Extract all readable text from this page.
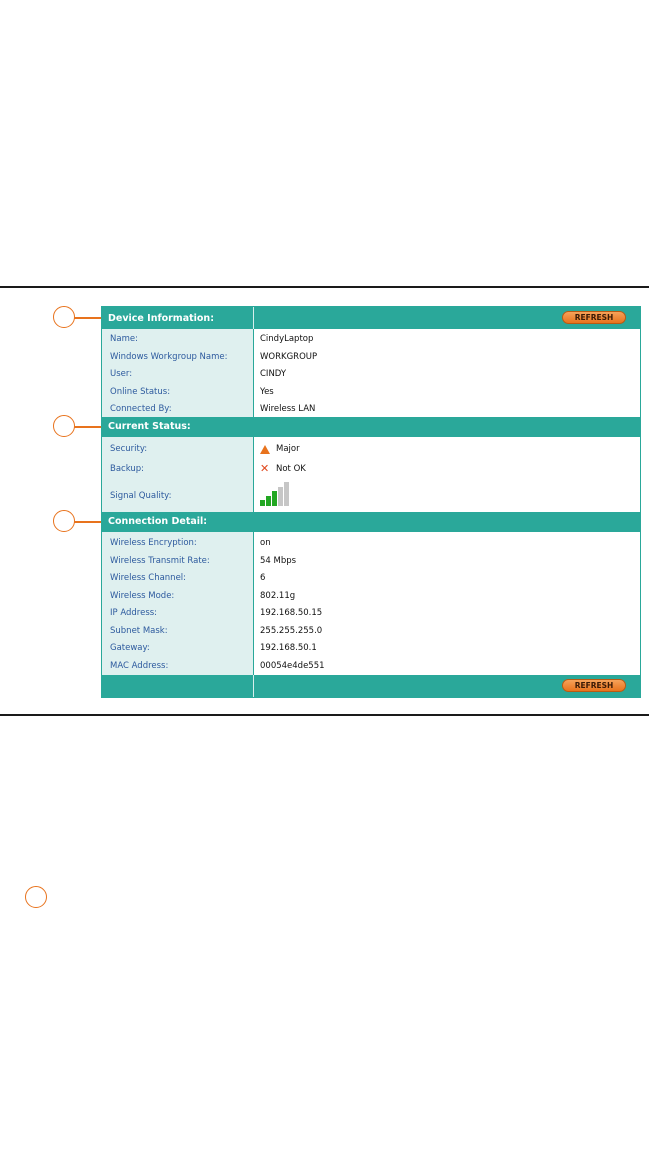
Device Information:	REFRESH
Name:	CindyLaptop
Windows Workgroup Name:	WORKGROUP
User:	CINDY
Online Status:	Yes
Connected By:	Wireless LAN
Current Status:
Security:	Major
Backup:	✕ Not OK
Signal Quality:
Connection Detail:
Wireless Encryption:	on
Wireless Transmit Rate:	54 Mbps
Wireless Channel:	6
Wireless Mode:	802.11g
IP Address:	192.168.50.15
Subnet Mask:	255.255.255.0
Gateway:	192.168.50.1
MAC Address:	00054e4de551
REFRESH
